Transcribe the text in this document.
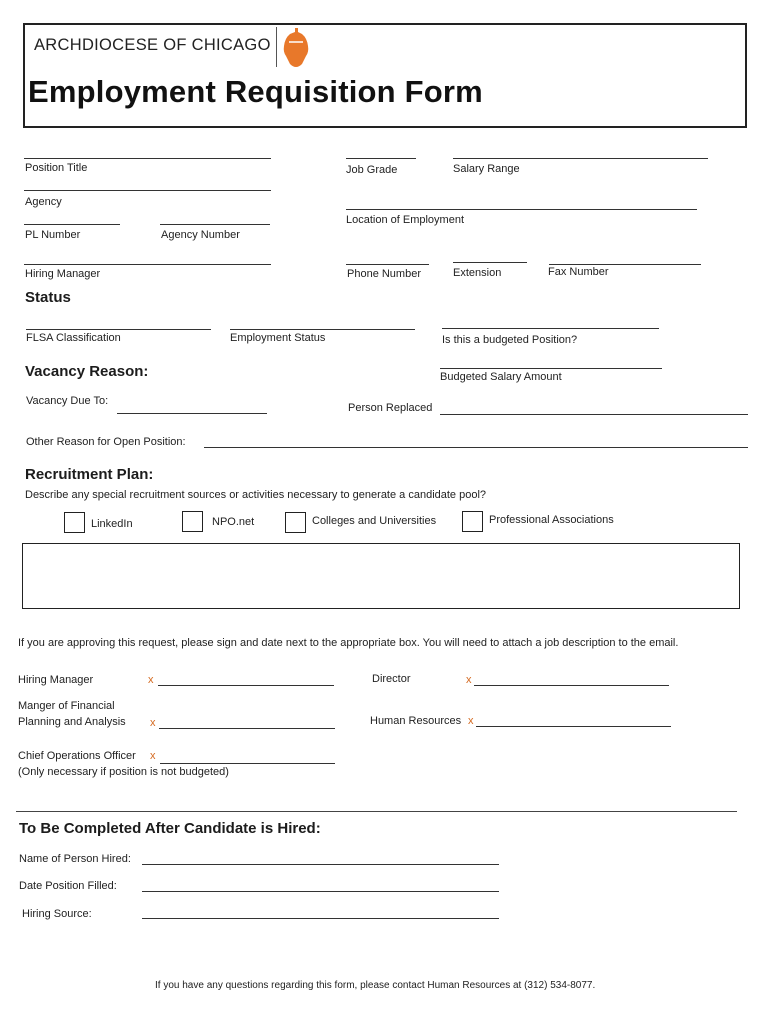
ARCHDIOCESE OF CHICAGO
Employment Requisition Form
Position Title	Job Grade	Salary Range
Agency
Location of Employment
PL Number	Agency Number
Hiring Manager	Phone Number	Extension	Fax Number
Status
FLSA Classification	Employment Status	Is this a budgeted Position?
Vacancy Reason:	Budgeted Salary Amount
Vacancy Due To:
Person Replaced
Other Reason for Open Position:
Recruitment Plan:
Describe any special recruitment sources or activities necessary to generate a candidate pool?
LinkedIn	NPO.net	Colleges and Universities	Professional Associations
If you are approving this request, please sign and date next to the appropriate box. You will need to attach a job description to the email.
Hiring Manager	x	Director	x
Manger of Financial
Planning and Analysis x	Human Resources x
Chief Operations Officer x
(Only necessary if position is not budgeted)
To Be Completed After Candidate is Hired:
Name of Person Hired:
Date Position Filled:
Hiring Source:
If you have any questions regarding this form, please contact Human Resources at (312) 534-8077.
